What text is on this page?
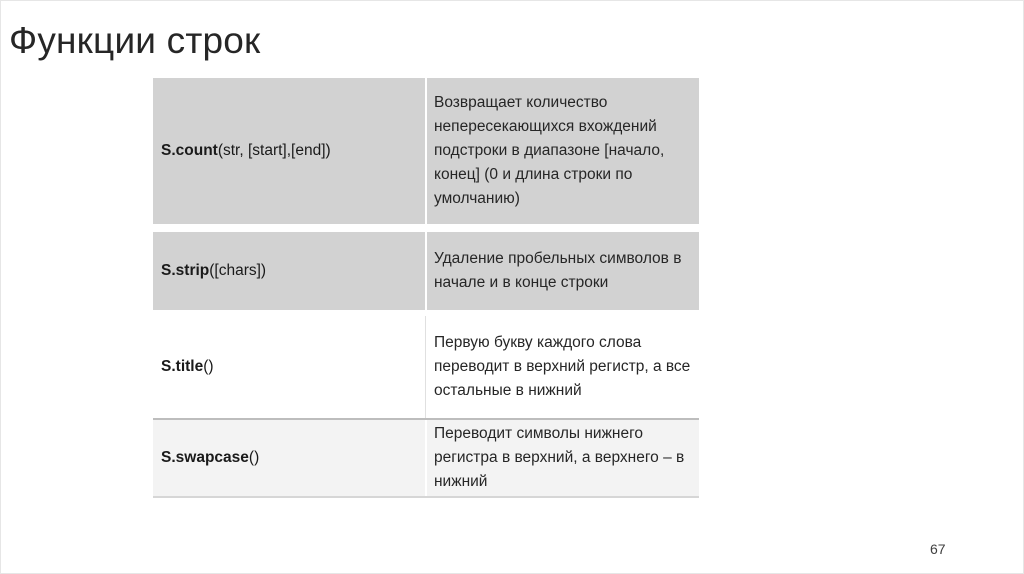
Функции строк
S. count (str, [start],[end])
Возвращает количество непересекающихся вхождений подстроки в диапазоне [начало, конец] (0 и длина строки по умолчанию)
S. strip ([chars])
Удаление пробельных символов в начале и в конце строки
S. title ()
Первую букву каждого слова переводит в верхний регистр, а все остальные в нижний
S. swapcase ()
Переводит символы нижнего регистра в верхний, а верхнего – в нижний
67
